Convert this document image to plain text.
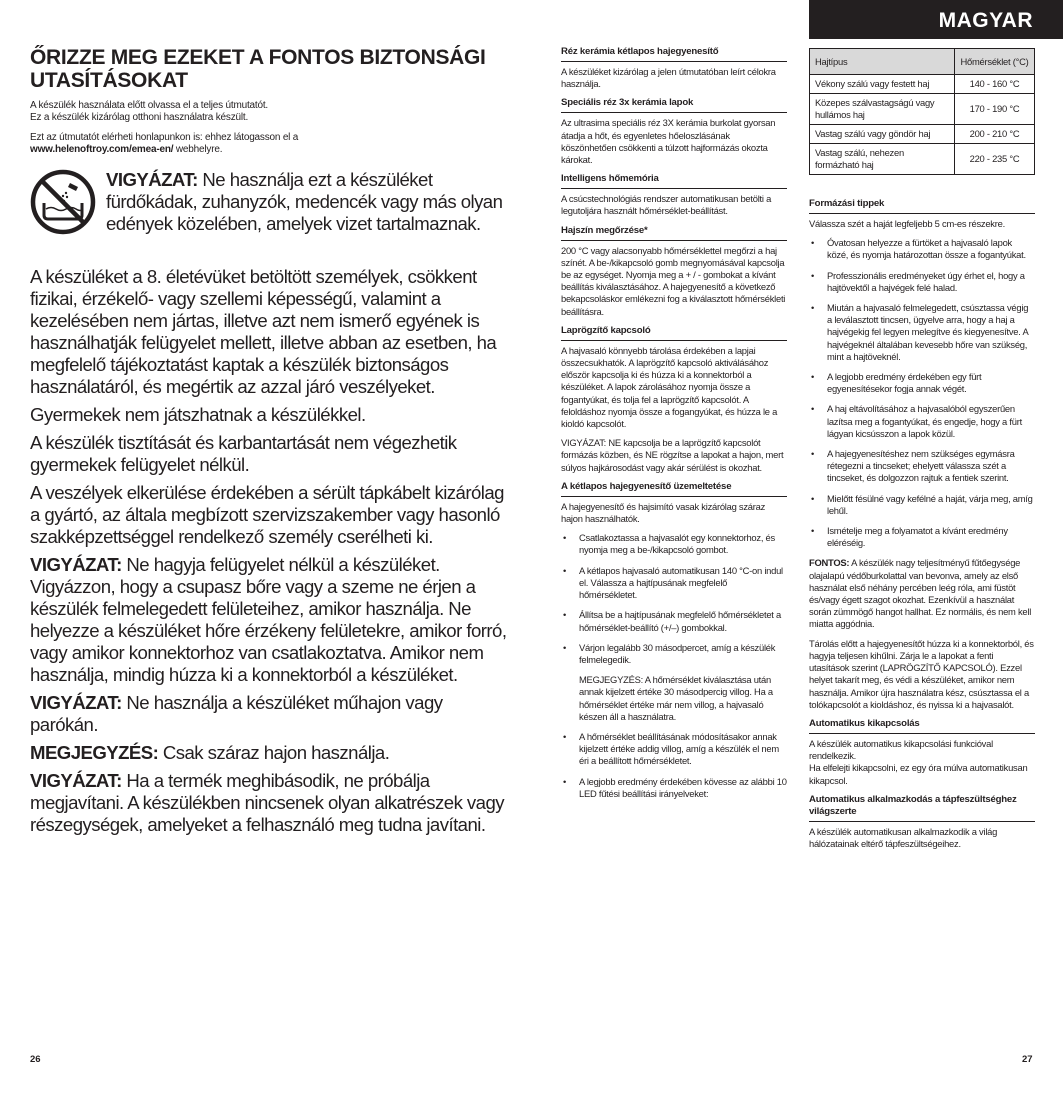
MAGYAR
ŐRIZZE MEG EZEKET A FONTOS BIZTONSÁGI UTASÍTÁSOKAT

A készülék használata előtt olvassa el a teljes útmutatót.
Ez a készülék kizárólag otthoni használatra készült.

Ezt az útmutatót elérheti honlapunkon is: ehhez látogasson el a
www.helenoftroy.com/emea-en/ webhelyre.

VIGYÁZAT: Ne használja ezt a készüléket fürdőkádak, zuhanyzók, medencék vagy más olyan edények közelében, amelyek vizet tartalmaznak.

A készüléket a 8. életévüket betöltött személyek, csökkent fizikai, érzékelő- vagy szellemi képességű, valamint a kezelésében nem jártas, illetve azt nem ismerő egyének is használhatják felügyelet mellett, illetve abban az esetben, ha megfelelő tájékoztatást kaptak a készülék biztonságos használatáról, és megértik az azzal járó veszélyeket.

Gyermekek nem játszhatnak a készülékkel.

A készülék tisztítását és karbantartását nem végezhetik gyermekek felügyelet nélkül.

A veszélyek elkerülése érdekében a sérült tápkábelt kizárólag a gyártó, az általa megbízott szervizszakember vagy hasonló szakképzettséggel rendelkező személy cserélheti ki.

VIGYÁZAT: Ne hagyja felügyelet nélkül a készüléket. Vigyázzon, hogy a csupasz bőre vagy a szeme ne érjen a készülék felmelegedett felületeihez, amikor használja. Ne helyezze a készüléket hőre érzékeny felületekre, amikor forró, vagy amikor konnektorhoz van csatlakoztatva. Amikor nem használja, mindig húzza ki a konnektorból a készüléket.

VIGYÁZAT: Ne használja a készüléket műhajon vagy parókán.

MEGJEGYZÉS: Csak száraz hajon használja.

VIGYÁZAT: Ha a termék meghibásodik, ne próbálja megjavítani. A készülékben nincsenek olyan alkatrészek vagy részegységek, amelyeket a felhasználó meg tudna javítani.

Réz kerámia kétlapos hajegyenesítő

A készüléket kizárólag a jelen útmutatóban leírt célokra használja.

Speciális réz 3x kerámia lapok

Az ultrasima speciális réz 3X kerámia burkolat gyorsan átadja a hőt, és egyenletes hőeloszlásának köszönhetően csökkenti a túlzott hajformázás okozta károkat.

Intelligens hőmemória

A csúcstechnológiás rendszer automatikusan betölti a legutoljára használt hőmérséklet-beállítást.

Hajszín megőrzése*

200 °C vagy alacsonyabb hőmérséklettel megőrzi a haj színét. A be-/kikapcsoló gomb megnyomásával kapcsolja be az egységet. Nyomja meg a + / - gombokat a kívánt beállítás kiválasztásához. A hajegyenesítő a következő bekapcsoláskor emlékezni fog a kiválasztott hőmérsékleti beállításra.

Laprögzítő kapcsoló

A hajvasaló könnyebb tárolása érdekében a lapjai összecsukhatók. A laprögzítő kapcsoló aktiválásához először kapcsolja ki és húzza ki a konnektorból a készüléket. A lapok zárolásához nyomja össze a fogantyúkat, és tolja fel a laprögzítő kapcsolót. A feloldáshoz nyomja össze a fogangyúkat, és húzza le a kioldó kapcsolót.

VIGYÁZAT: NE kapcsolja be a laprögzítő kapcsolót formázás közben, és NE rögzítse a lapokat a hajon, mert súlyos hajkárosodást vagy akár sérülést is okozhat.

A kétlapos hajegyenesítő üzemeltetése

A hajegyenesítő és hajsimító vasak kizárólag száraz hajon használhatók.

• Csatlakoztassa a hajvasalót egy konnektorhoz, és nyomja meg a be-/kikapcsoló gombot.
• A kétlapos hajvasaló automatikusan 140 °C-on indul el. Válassza a hajtípusának megfelelő hőmérsékletet.
• Állítsa be a hajtípusának megfelelő hőmérsékletet a hőmérséklet-beállító (+/–) gombokkal.
• Várjon legalább 30 másodpercet, amíg a készülék felmelegedik.
MEGJEGYZÉS: A hőmérséklet kiválasztása után annak kijelzett értéke 30 másodpercig villog. Ha a hőmérséklet értéke már nem villog, a hajvasaló készen áll a használatra.
• A hőmérséklet beállításának módosításakor annak kijelzett értéke addig villog, amíg a készülék el nem éri a beállított hőmérsékletet.
• A legjobb eredmény érdekében kövesse az alábbi 10 LED fűtési beállítási irányelveket:
Hajtípus	Hőmérséklet (°C)
Vékony szálú vagy festett haj	140 - 160 °C
Közepes szálvastagságú vagy hullámos haj	170 - 190 °C
Vastag szálú vagy göndör haj	200 - 210 °C
Vastag szálú, nehezen formázható haj	220 - 235 °C
Formázási tippek

Válassza szét a haját legfeljebb 5 cm-es részekre.

• Óvatosan helyezze a fürtöket a hajvasaló lapok közé, és nyomja határozottan össze a fogantyúkat.
• Professzionális eredményeket úgy érhet el, hogy a hajtövektől a hajvégek felé halad.
• Miután a hajvasaló felmelegedett, csúsztassa végig a leválasztott tincsen, ügyelve arra, hogy a haj a hajvégekig fel legyen melegítve és kiegyenesítve. A hajvégeknél általában kevesebb hőre van szükség, mint a hajtöveknél.
• A legjobb eredmény érdekében egy fürt egyenesítésekor fogja annak végét.
• A haj eltávolításához a hajvasalóból egyszerűen lazítsa meg a fogantyúkat, és engedje, hogy a fürt lágyan kicsússzon a lapok közül.
• A hajegyenesítéshez nem szükséges egymásra rétegezni a tincseket; ehelyett válassza szét a tincseket, és dolgozzon rajtuk a fentiek szerint.
• Mielőtt fésülné vagy kefélné a haját, várja meg, amíg lehűl.
• Ismételje meg a folyamatot a kívánt eredmény eléréséig.

FONTOS: A készülék nagy teljesítményű fűtőegysége olajalapú védőburkolattal van bevonva, amely az első használat első néhány percében leég róla, ami füstöt és/vagy égett szagot okozhat. Ezenkívül a használat során zümmögő hangot hallhat. Ez normális, és nem kell miatta aggódnia.

Tárolás előtt a hajegyenesítőt húzza ki a konnektorból, és hagyja teljesen kihűlni. Zárja le a lapokat a fenti utasítások szerint (LAPRÖGZÍTŐ KAPCSOLÓ). Ezzel helyet takarít meg, és védi a készüléket, amikor nem használja. Amikor újra használatra kész, csúsztassa el a tolókapcsolót a kioldáshoz, és nyissa ki a hajvasalót.

Automatikus kikapcsolás

A készülék automatikus kikapcsolási funkcióval rendelkezik.
Ha elfelejti kikapcsolni, ez egy óra múlva automatikusan kikapcsol.

Automatikus alkalmazkodás a tápfeszültséghez világszerte

A készülék automatikusan alkalmazkodik a világ hálózatainak eltérő tápfeszültségeihez.

26	27
